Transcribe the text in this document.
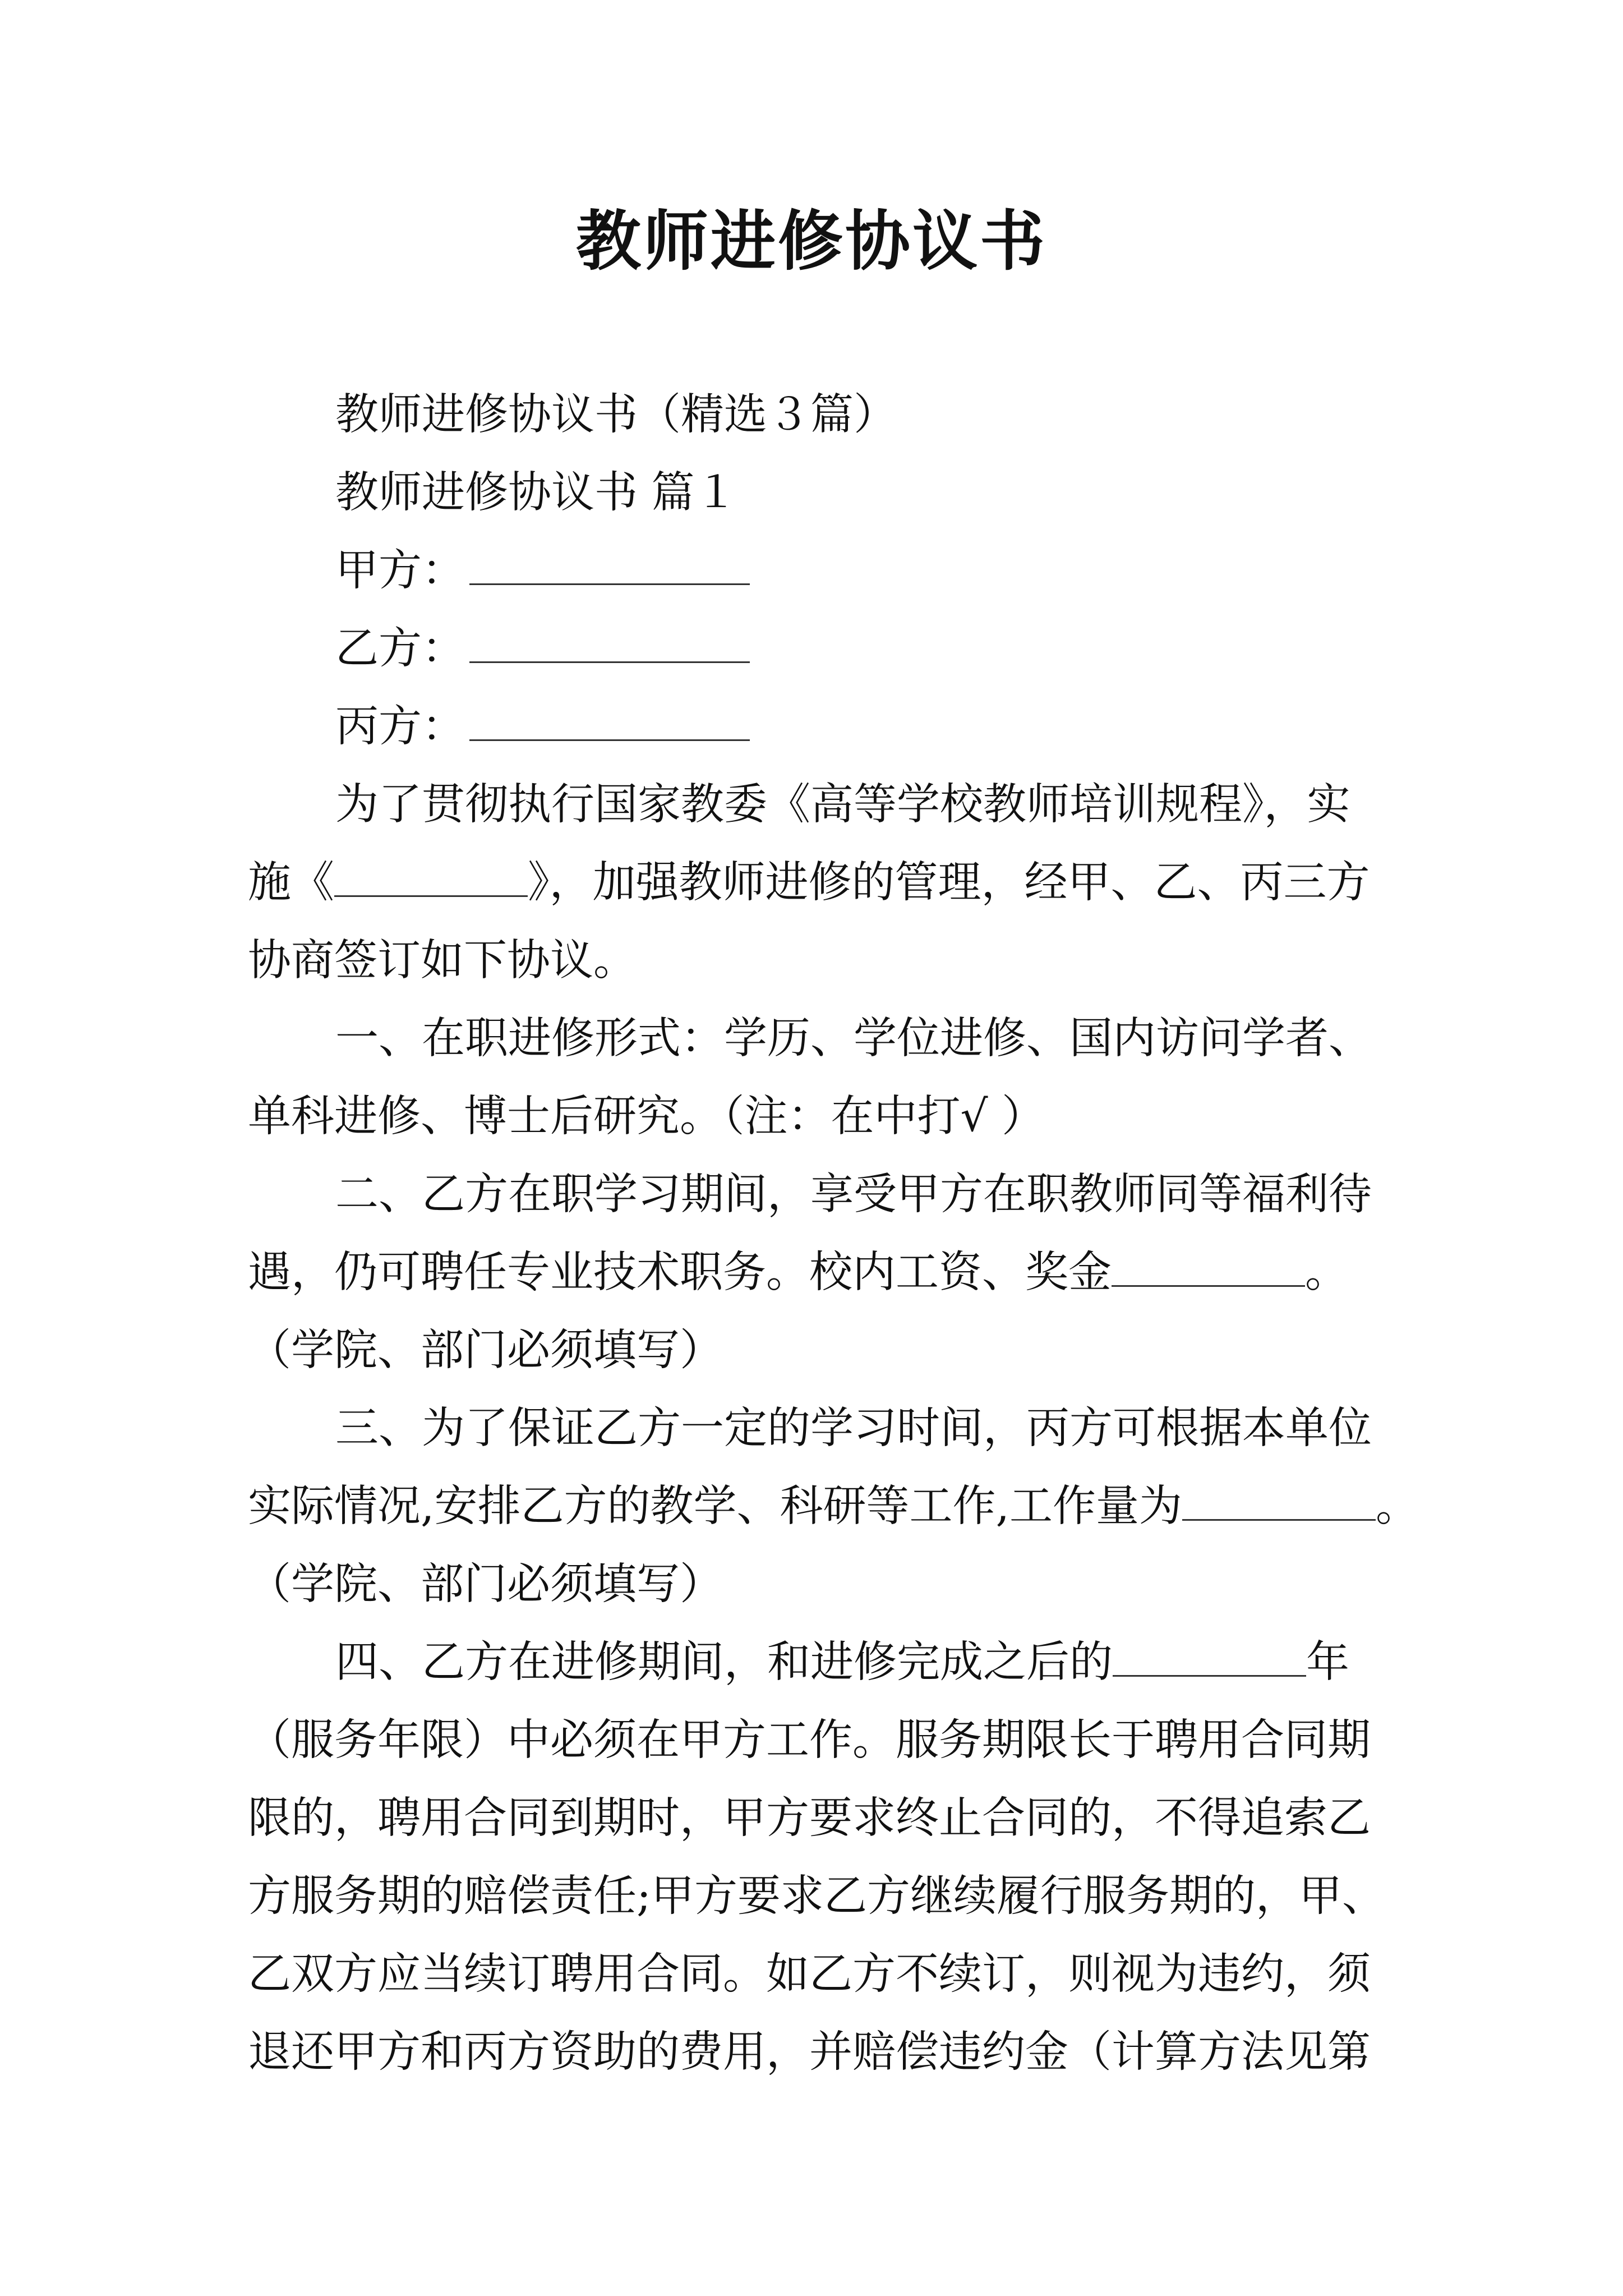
教师进修协议书
教师进修协议书（精选３篇）
教师进修协议书 篇１
甲方：
乙方：
丙方：
为了贯彻执行国家教委《高等学校教师培训规程》，实
施《	》，加强教师进修的管理，经甲、乙、丙三方
协商签订如下协议。
一、在职进修形式：学历、学位进修、国内访问学者、
单科进修、博士后研究。（注：在中打√ ）
二、乙方在职学习期间，享受甲方在职教师同等福利待
遇，仍可聘任专业技术职务。校内工资、奖金	。
（学院、部门必须填写）
三、为了保证乙方一定的学习时间，丙方可根据本单位
实际情况,安排乙方的教学、科研等工作,工作量为	。
（学院、部门必须填写）
四、乙方在进修期间，和进修完成之后的	年
（服务年限）中必须在甲方工作。服务期限长于聘用合同期
限的，聘用合同到期时，甲方要求终止合同的，不得追索乙
方服务期的赔偿责任;甲方要求乙方继续履行服务期的，甲、
乙双方应当续订聘用合同。如乙方不续订，则视为违约，须
退还甲方和丙方资助的费用，并赔偿违约金（计算方法见第
